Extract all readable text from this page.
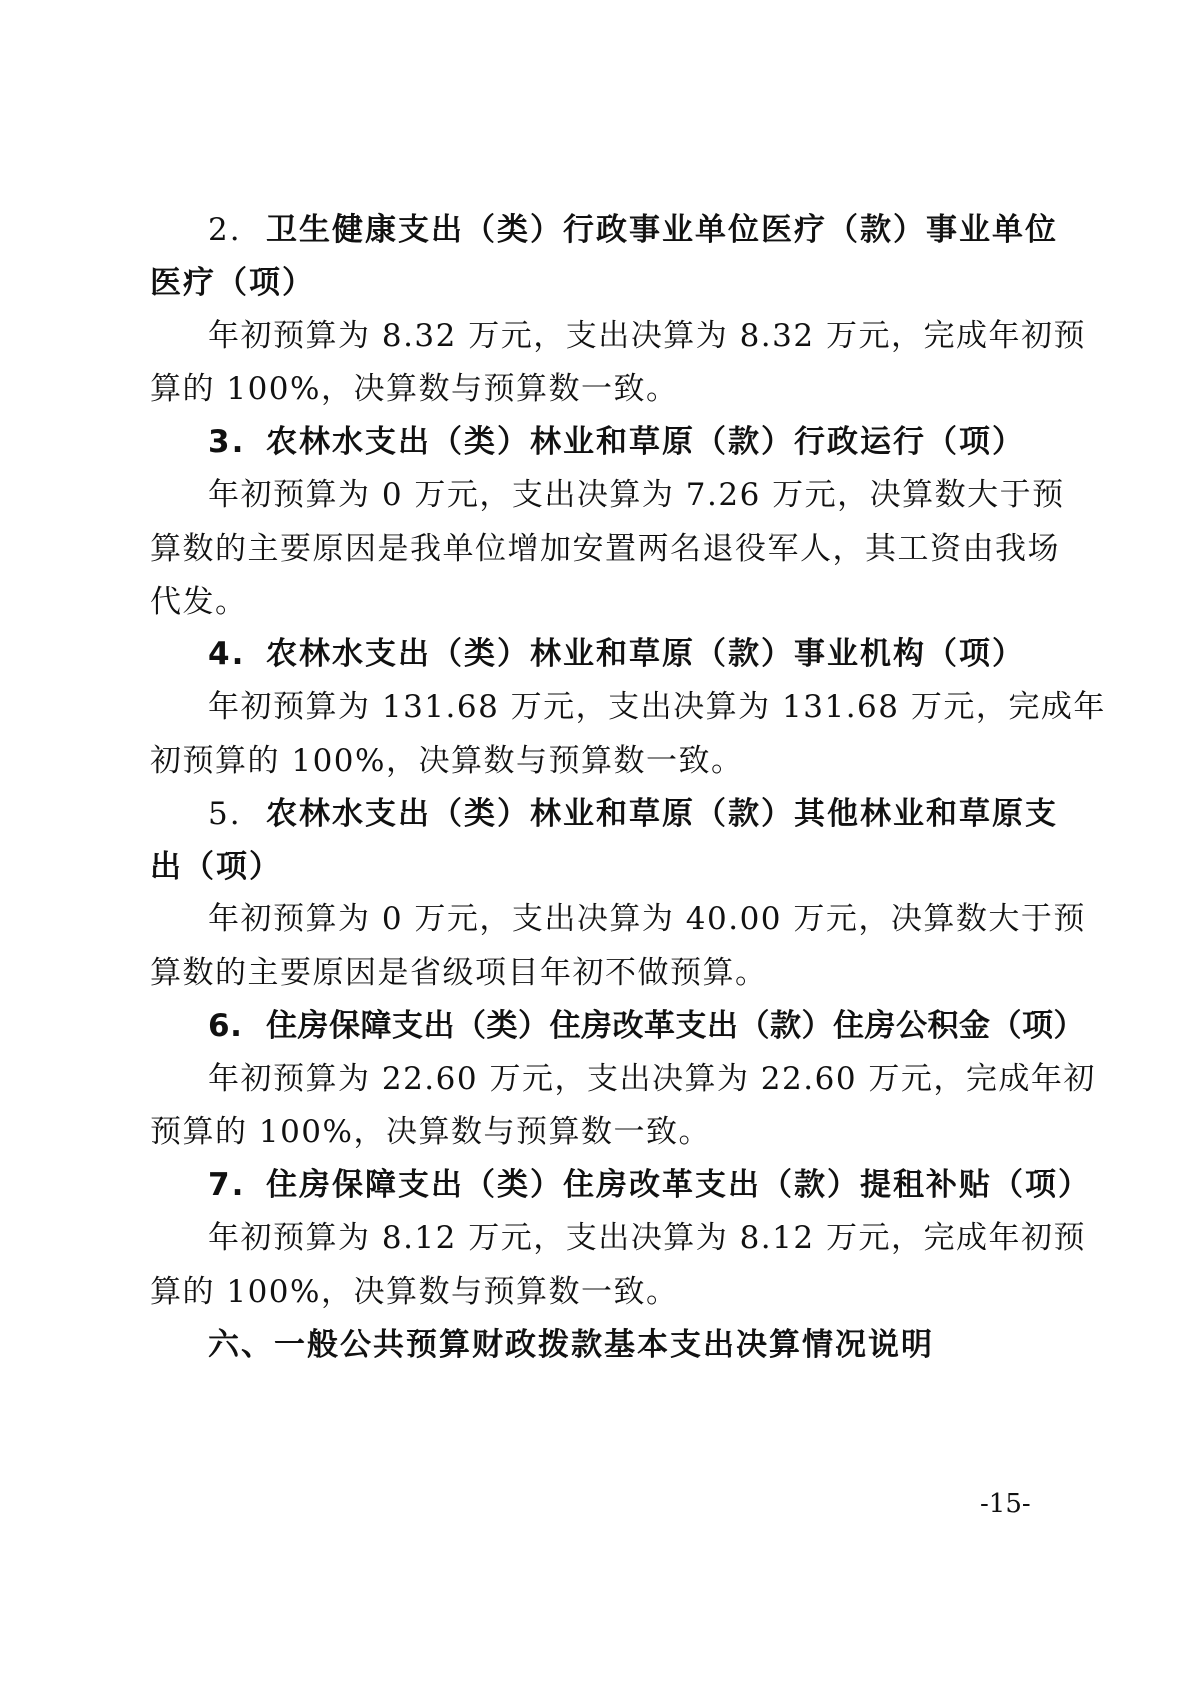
2. 卫生健康支出（类）行政事业单位医疗（款）事业单位
医疗（项）
年初预算为 8.32 万元，支出决算为 8.32 万元，完成年初预
算的 100%，决算数与预算数一致。
3. 农林水支出（类）林业和草原（款）行政运行（项）
年初预算为 0 万元，支出决算为 7.26 万元，决算数大于预
算数的主要原因是我单位增加安置两名退役军人，其工资由我场
代发。
4. 农林水支出（类）林业和草原（款）事业机构（项）
年初预算为 131.68 万元，支出决算为 131.68 万元，完成年
初预算的 100%，决算数与预算数一致。
5. 农林水支出（类）林业和草原（款）其他林业和草原支
出（项）
年初预算为 0 万元，支出决算为 40.00 万元，决算数大于预
算数的主要原因是省级项目年初不做预算。
6. 住房保障支出（类）住房改革支出（款）住房公积金（项）
年初预算为 22.60 万元，支出决算为 22.60 万元，完成年初
预算的 100%，决算数与预算数一致。
7. 住房保障支出（类）住房改革支出（款）提租补贴（项）
年初预算为 8.12 万元，支出决算为 8.12 万元，完成年初预
算的 100%，决算数与预算数一致。
六、一般公共预算财政拨款基本支出决算情况说明
-15-
